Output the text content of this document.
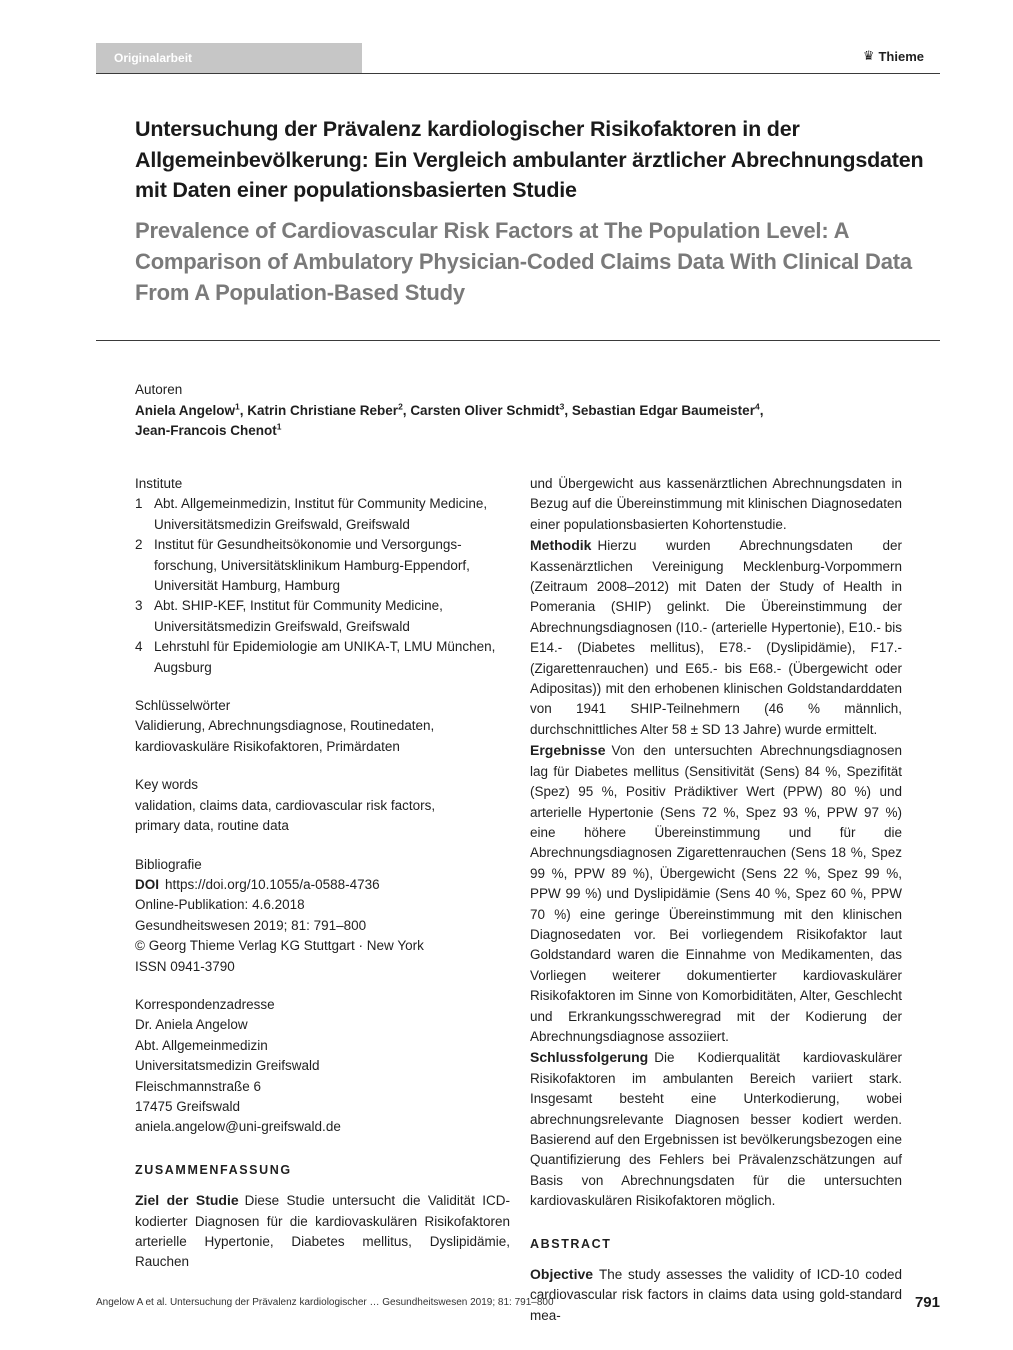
Originalarbeit	♛ Thieme
Untersuchung der Prävalenz kardiologischer Risikofaktoren in der Allgemeinbevölkerung: Ein Vergleich ambulanter ärztlicher Abrechnungsdaten mit Daten einer populationsbasierten Studie
Prevalence of Cardiovascular Risk Factors at The Population Level: A Comparison of Ambulatory Physician-Coded Claims Data With Clinical Data From A Population-Based Study
Autoren
Aniela Angelow$^1$, Katrin Christiane Reber$^2$, Carsten Oliver Schmidt$^3$, Sebastian Edgar Baumeister$^4$,
Jean-Francois Chenot$^1$
Institute
1 Abt. Allgemeinmedizin, Institut für Community Medicine,
Universitätsmedizin Greifswald, Greifswald
2 Institut für Gesundheitsökonomie und Versorgungs-
forschung, Universitätsklinikum Hamburg-Eppendorf,
Universität Hamburg, Hamburg
3 Abt. SHIP-KEF, Institut für Community Medicine,
Universitätsmedizin Greifswald, Greifswald
4 Lehrstuhl für Epidemiologie am UNIKA-T, LMU München,
Augsburg
Schlüsselwörter
Validierung, Abrechnungsdiagnose, Routinedaten,
kardiovaskuläre Risikofaktoren, Primärdaten
Key words
validation, claims data, cardiovascular risk factors,
primary data, routine data
Bibliografie
DOI https://doi.org/10.1055/a-0588-4736
Online-Publikation: 4.6.2018
Gesundheitswesen 2019; 81: 791–800
© Georg Thieme Verlag KG Stuttgart · New York
ISSN 0941-3790
Korrespondenzadresse
Dr. Aniela Angelow
Abt. Allgemeinmedizin
Universitatsmedizin Greifswald
Fleischmannstraße 6
17475 Greifswald
aniela.angelow@uni-greifswald.de
ZUSAMMENFASSUNG

Ziel der Studie Diese Studie untersucht die Validität ICD-kodierter Diagnosen für die kardiovaskulären Risikofaktoren arterielle Hypertonie, Diabetes mellitus, Dyslipidämie, Rauchen

und Übergewicht aus kassenärztlichen Abrechnungsdaten in Bezug auf die Übereinstimmung mit klinischen Diagnosedaten einer populationsbasierten Kohortenstudie.

Methodik Hierzu wurden Abrechnungsdaten der Kassenärztlichen Vereinigung Mecklenburg-Vorpommern (Zeitraum 2008–2012) mit Daten der Study of Health in Pomerania (SHIP) gelinkt. Die Übereinstimmung der Abrechnungsdiagnosen (I10.- (arterielle Hypertonie), E10.- bis E14.- (Diabetes mellitus), E78.- (Dyslipidämie), F17.- (Zigarettenrauchen) und E65.- bis E68.- (Übergewicht oder Adipositas)) mit den erhobenen klinischen Goldstandarddaten von 1941 SHIP-Teilnehmern (46 % männlich, durchschnittliches Alter 58 ± SD 13 Jahre) wurde ermittelt.

Ergebnisse Von den untersuchten Abrechnungsdiagnosen lag für Diabetes mellitus (Sensitivität (Sens) 84 %, Spezifität (Spez) 95 %, Positiv Prädiktiver Wert (PPW) 80 %) und arterielle Hypertonie (Sens 72 %, Spez 93 %, PPW 97 %) eine höhere Übereinstimmung und für die Abrechnungsdiagnosen Zigarettenrauchen (Sens 18 %, Spez 99 %, PPW 89 %), Übergewicht (Sens 22 %, Spez 99 %, PPW 99 %) und Dyslipidämie (Sens 40 %, Spez 60 %, PPW 70 %) eine geringe Übereinstimmung mit den klinischen Diagnosedaten vor. Bei vorliegendem Risikofaktor laut Goldstandard waren die Einnahme von Medikamenten, das Vorliegen weiterer dokumentierter kardiovaskulärer Risikofaktoren im Sinne von Komorbiditäten, Alter, Geschlecht und Erkrankungsschweregrad mit der Kodierung der Abrechnungsdiagnose assoziiert.

Schlussfolgerung Die Kodierqualität kardiovaskulärer Risikofaktoren im ambulanten Bereich variiert stark. Insgesamt besteht eine Unterkodierung, wobei abrechnungsrelevante Diagnosen besser kodiert werden. Basierend auf den Ergebnissen ist bevölkerungsbezogen eine Quantifizierung des Fehlers bei Prävalenzschätzungen auf Basis von Abrechnungsdaten für die untersuchten kardiovaskulären Risikofaktoren möglich.

ABSTRACT

Objective The study assesses the validity of ICD-10 coded cardiovascular risk factors in claims data using gold-standard mea-

Angelow A et al. Untersuchung der Prävalenz kardiologischer … Gesundheitswesen 2019; 81: 791–800	791
